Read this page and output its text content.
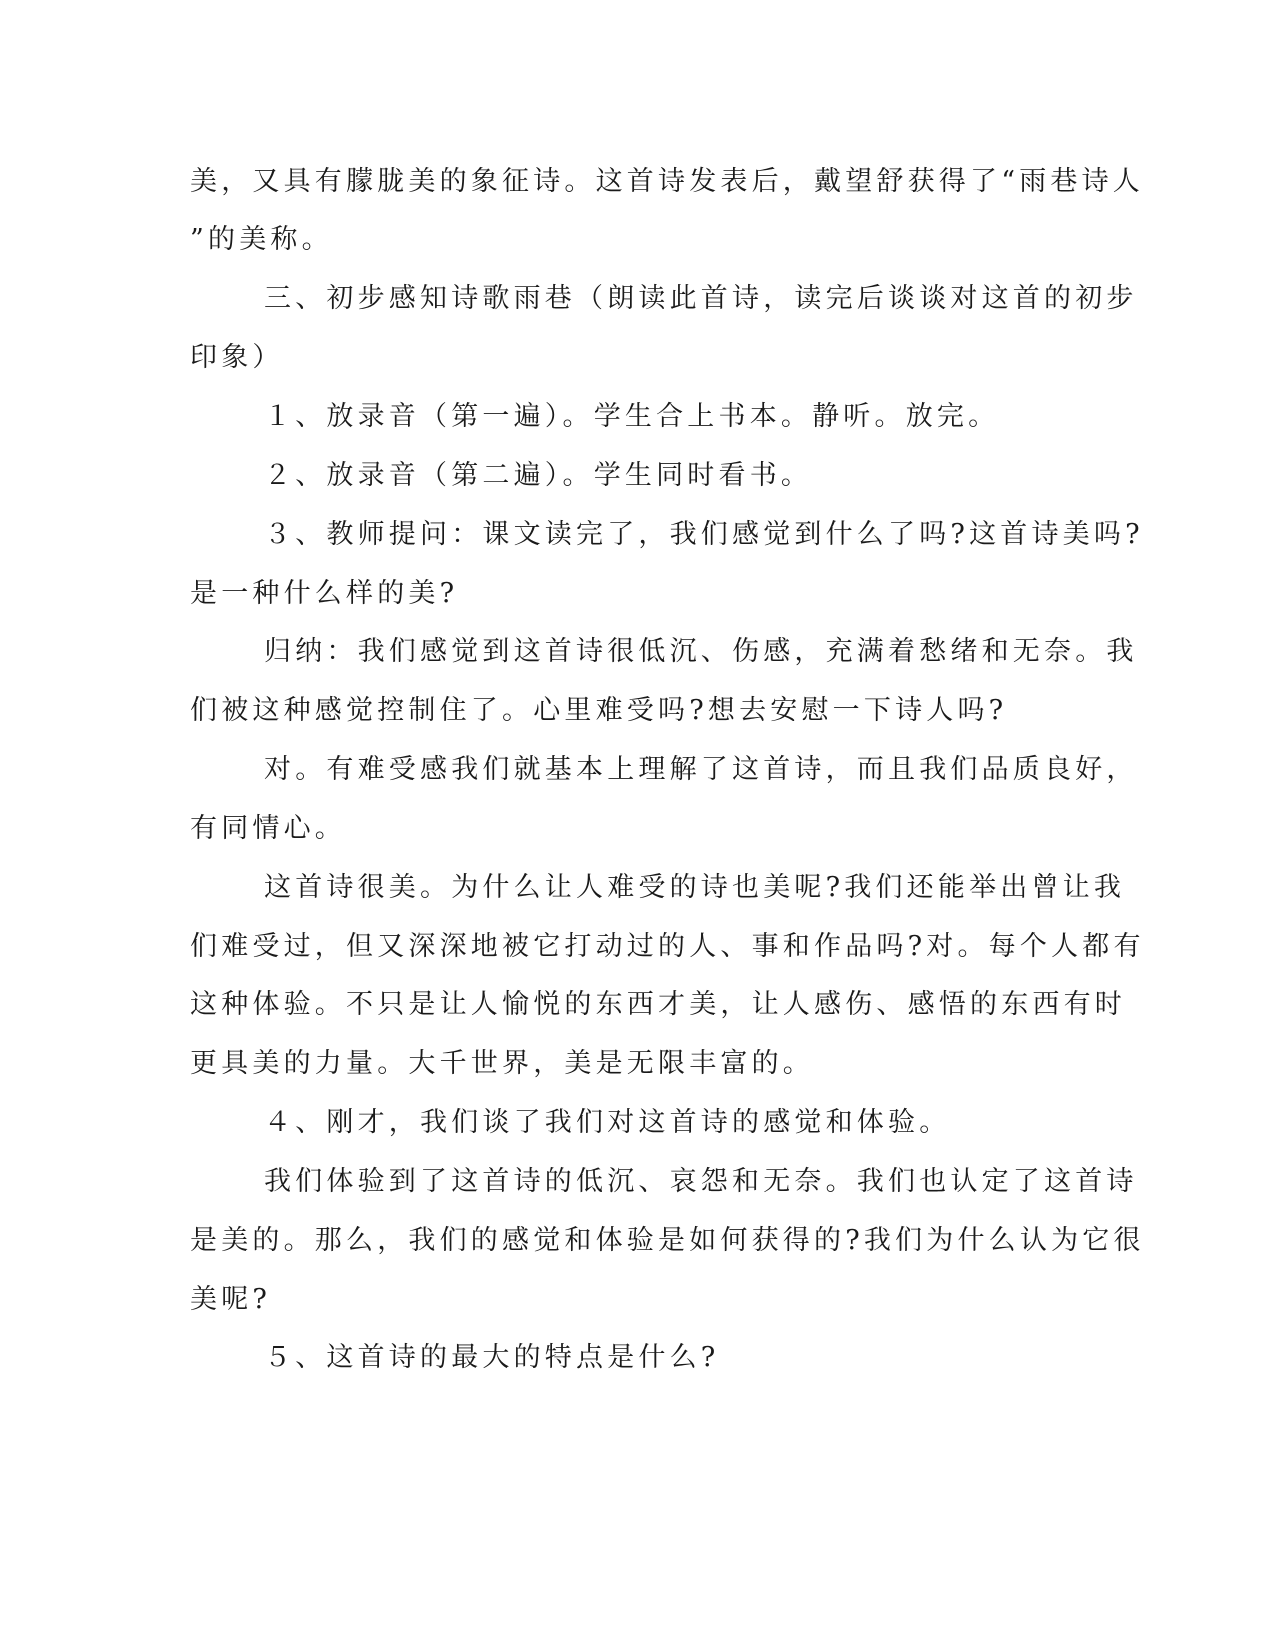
美，又具有朦胧美的象征诗。这首诗发表后，戴望舒获得了“雨巷诗人
”的美称。
三、初步感知诗歌雨巷（朗读此首诗，读完后谈谈对这首的初步
印象）
１、放录音（第一遍）。学生合上书本。静听。放完。
２、放录音（第二遍）。学生同时看书。
３、教师提问：课文读完了，我们感觉到什么了吗?这首诗美吗?
是一种什么样的美?
归纳：我们感觉到这首诗很低沉、伤感，充满着愁绪和无奈。我
们被这种感觉控制住了。心里难受吗?想去安慰一下诗人吗?
对。有难受感我们就基本上理解了这首诗，而且我们品质良好，
有同情心。
这首诗很美。为什么让人难受的诗也美呢?我们还能举出曾让我
们难受过，但又深深地被它打动过的人、事和作品吗?对。每个人都有
这种体验。不只是让人愉悦的东西才美，让人感伤、感悟的东西有时
更具美的力量。大千世界，美是无限丰富的。
４、刚才，我们谈了我们对这首诗的感觉和体验。
我们体验到了这首诗的低沉、哀怨和无奈。我们也认定了这首诗
是美的。那么，我们的感觉和体验是如何获得的?我们为什么认为它很
美呢?
５、这首诗的最大的特点是什么?
